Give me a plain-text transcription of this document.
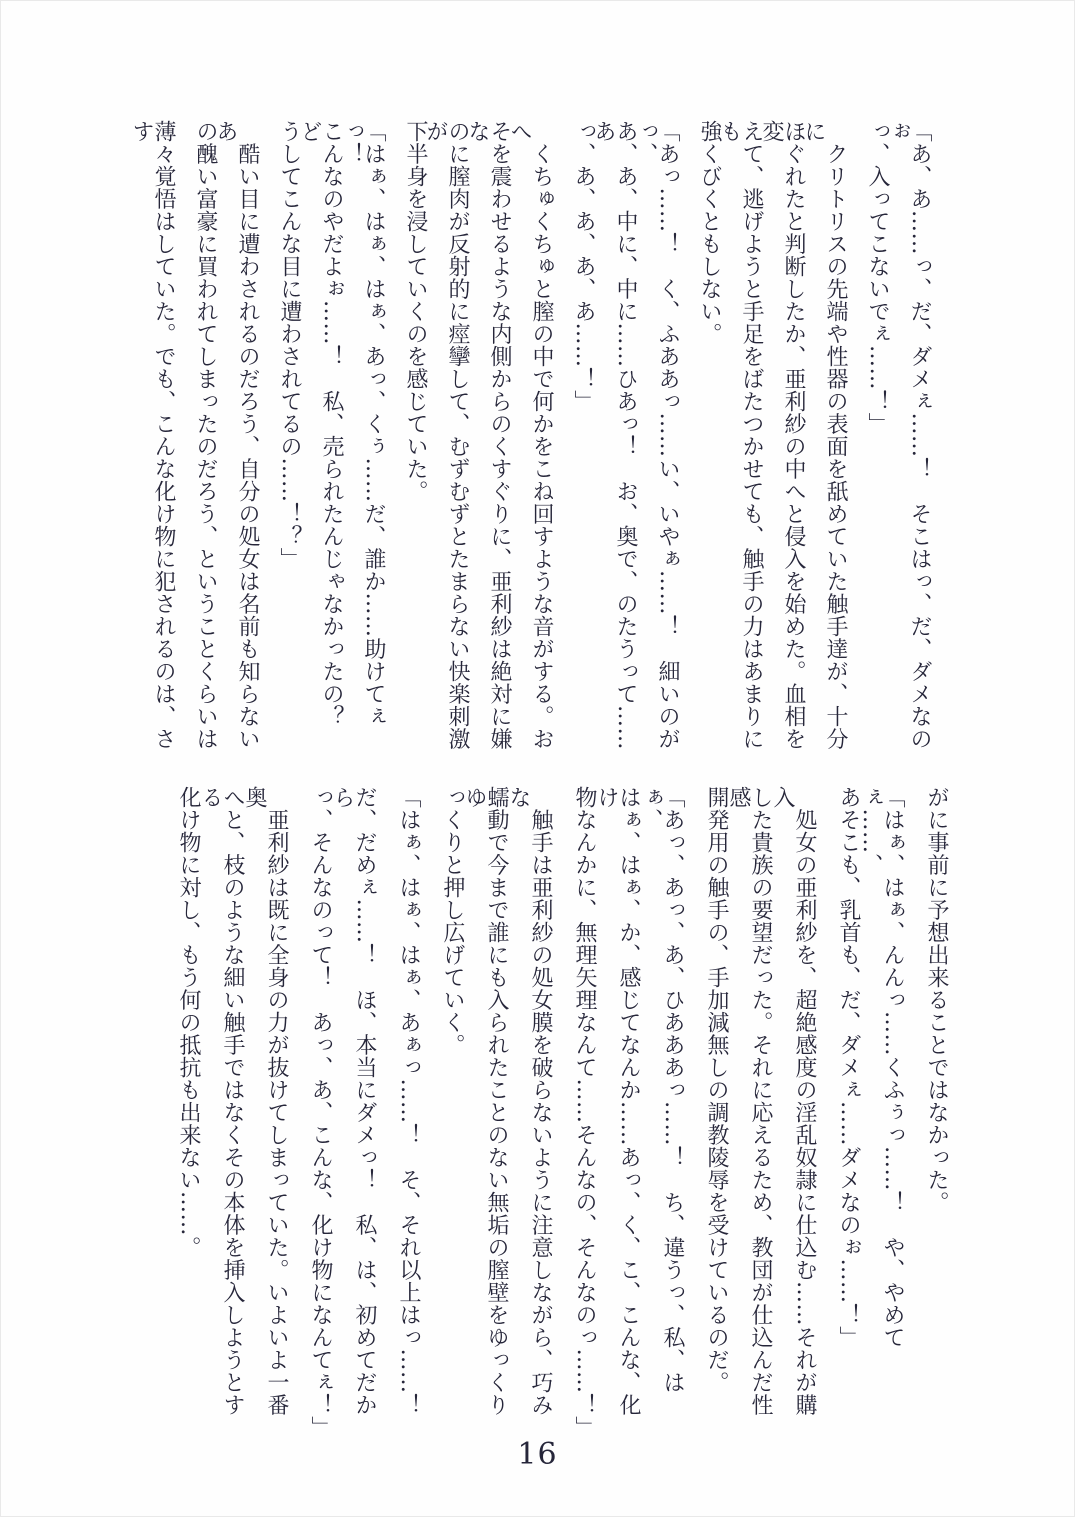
「あ、あ……っ、だ、ダメぇ……！　そこはっ、だ、ダメなのぉ

っ、入ってこないでぇ……！」

　クリトリスの先端や性器の表面を舐めていた触手達が、十分に

ほぐれたと判断したか、亜利紗の中へと侵入を始めた。血相を変

えて、逃げようと手足をばたつかせても、触手の力はあまりにも

強くびくともしない。

「あっ……！　く、ふああっ……い、いやぁ……！　細いのがっ、

あ、あ、中に、中に……ひあっ！　お、奥で、のたうって……あ

っ、あ、あ、あ、あ……！」

　くちゅくちゅと膣の中で何かをこね回すような音がする。おへ

そを震わせるような内側からのくすぐりに、亜利紗は絶対に嫌な

のに膣肉が反射的に痙攣して、むずむずとたまらない快楽刺激が

下半身を浸していくのを感じていた。

「はぁ、はぁ、はぁ、あっ、くぅ……だ、誰か……助けてぇっ！

こんなのやだよぉ……！　私、売られたんじゃなかったの？　ど

うしてこんな目に遭わされてるの……！？」

　酷い目に遭わされるのだろう、自分の処女は名前も知らないあ

の醜い富豪に買われてしまったのだろう、ということくらいは

薄々覚悟はしていた。でも、こんな化け物に犯されるのは、さす

がに事前に予想出来ることではなかった。

「はぁ、はぁ、んんっ……くふぅっ……！　や、やめてぇ……、

あそこも、乳首も、だ、ダメぇ……ダメなのぉ……！」

　処女の亜利紗を、超絶感度の淫乱奴隷に仕込む……それが購入

した貴族の要望だった。それに応えるため、教団が仕込んだ性感

開発用の触手の、手加減無しの調教陵辱を受けているのだ。

「あっ、あっ、あ、ひあああっ……！　ち、違うっ、私、はぁ、

はぁ、はぁ、か、感じてなんか……あっ、く、こ、こんな、化け

物なんかに、無理矢理なんて……そんなの、そんなのっ……！」

　触手は亜利紗の処女膜を破らないように注意しながら、巧みな

蠕動で今まで誰にも入られたことのない無垢の膣壁をゆっくりゆ

っくりと押し広げていく。

「はぁ、はぁ、はぁ、あぁっ……！　そ、それ以上はっ……！

だ、だめぇ……！　ほ、本当にダメっ！　私、は、初めてだから

っ、そんなのって！　あっ、あ、こんな、化け物になんてぇ！」

　亜利紗は既に全身の力が抜けてしまっていた。いよいよ一番奥

へと、枝のような細い触手ではなくその本体を挿入しようとする

化け物に対し、もう何の抵抗も出来ない……。

16
